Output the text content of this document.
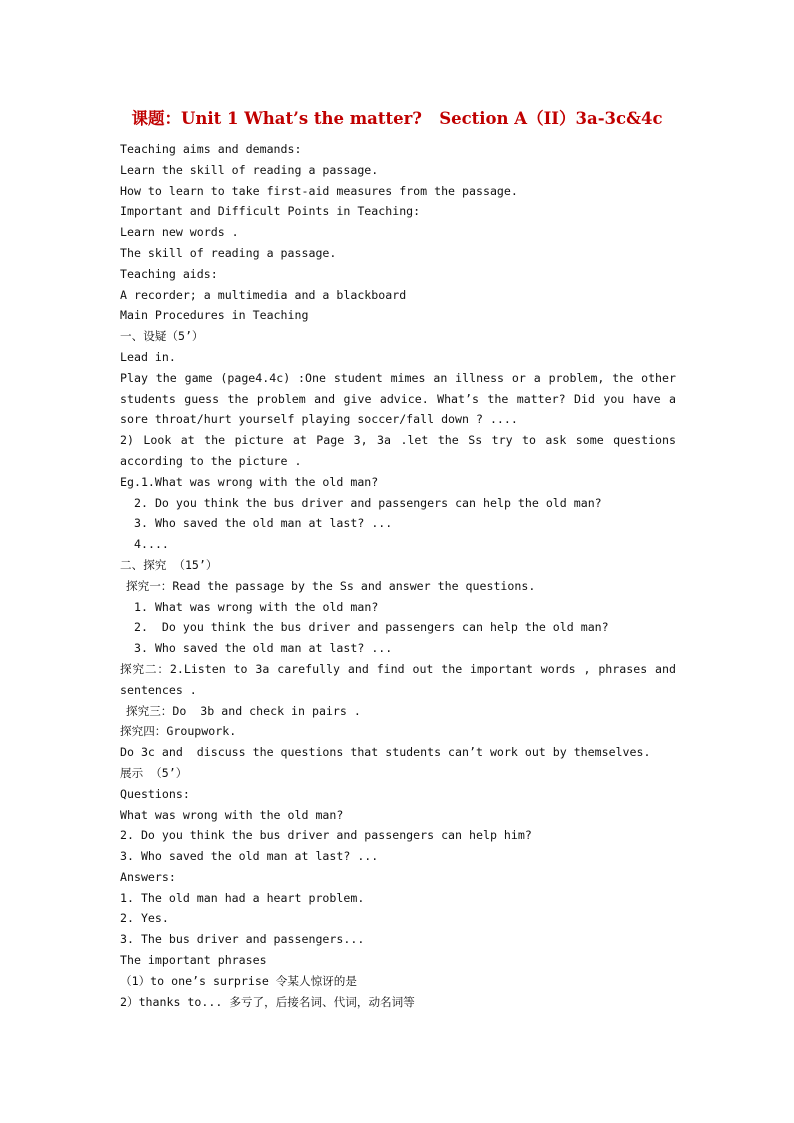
课题：Unit 1 What’s the matter?   Section A（II）3a-3c&4c
Teaching aims and demands:
Learn the skill of reading a passage.
How to learn to take first-aid measures from the passage.
Important and Difficult Points in Teaching:
Learn new words .
The skill of reading a passage.
Teaching aids:
A recorder; a multimedia and a blackboard
Main Procedures in Teaching
一、设疑（5’）
Lead in.
Play the game (page4.4c) :One student mimes an illness or a problem, the other students guess the problem and give advice. What’s the matter? Did you have a sore throat/hurt yourself playing soccer/fall down ? ....
2) Look at the picture at Page 3, 3a .let the Ss try to ask some questions according to the picture .
Eg.1.What was wrong with the old man?
2. Do you think the bus driver and passengers can help the old man?
3. Who saved the old man at last? ...
4....
二、探究 （15’）
探究一：Read the passage by the Ss and answer the questions.
1. What was wrong with the old man?
2.  Do you think the bus driver and passengers can help the old man?
3. Who saved the old man at last? ...
探究二：2.Listen to 3a carefully and find out the important words , phrases and sentences .
探究三：Do  3b and check in pairs .
探究四：Groupwork.
Do 3c and  discuss the questions that students can’t work out by themselves.
展示 （5’）
Questions:
What was wrong with the old man?
2. Do you think the bus driver and passengers can help him?
3. Who saved the old man at last? ...
Answers:
1. The old man had a heart problem.
2. Yes.
3. The bus driver and passengers...
The important phrases
（1）to one’s surprise 令某人惊讶的是
2）thanks to... 多亏了，后接名词、代词，动名词等
